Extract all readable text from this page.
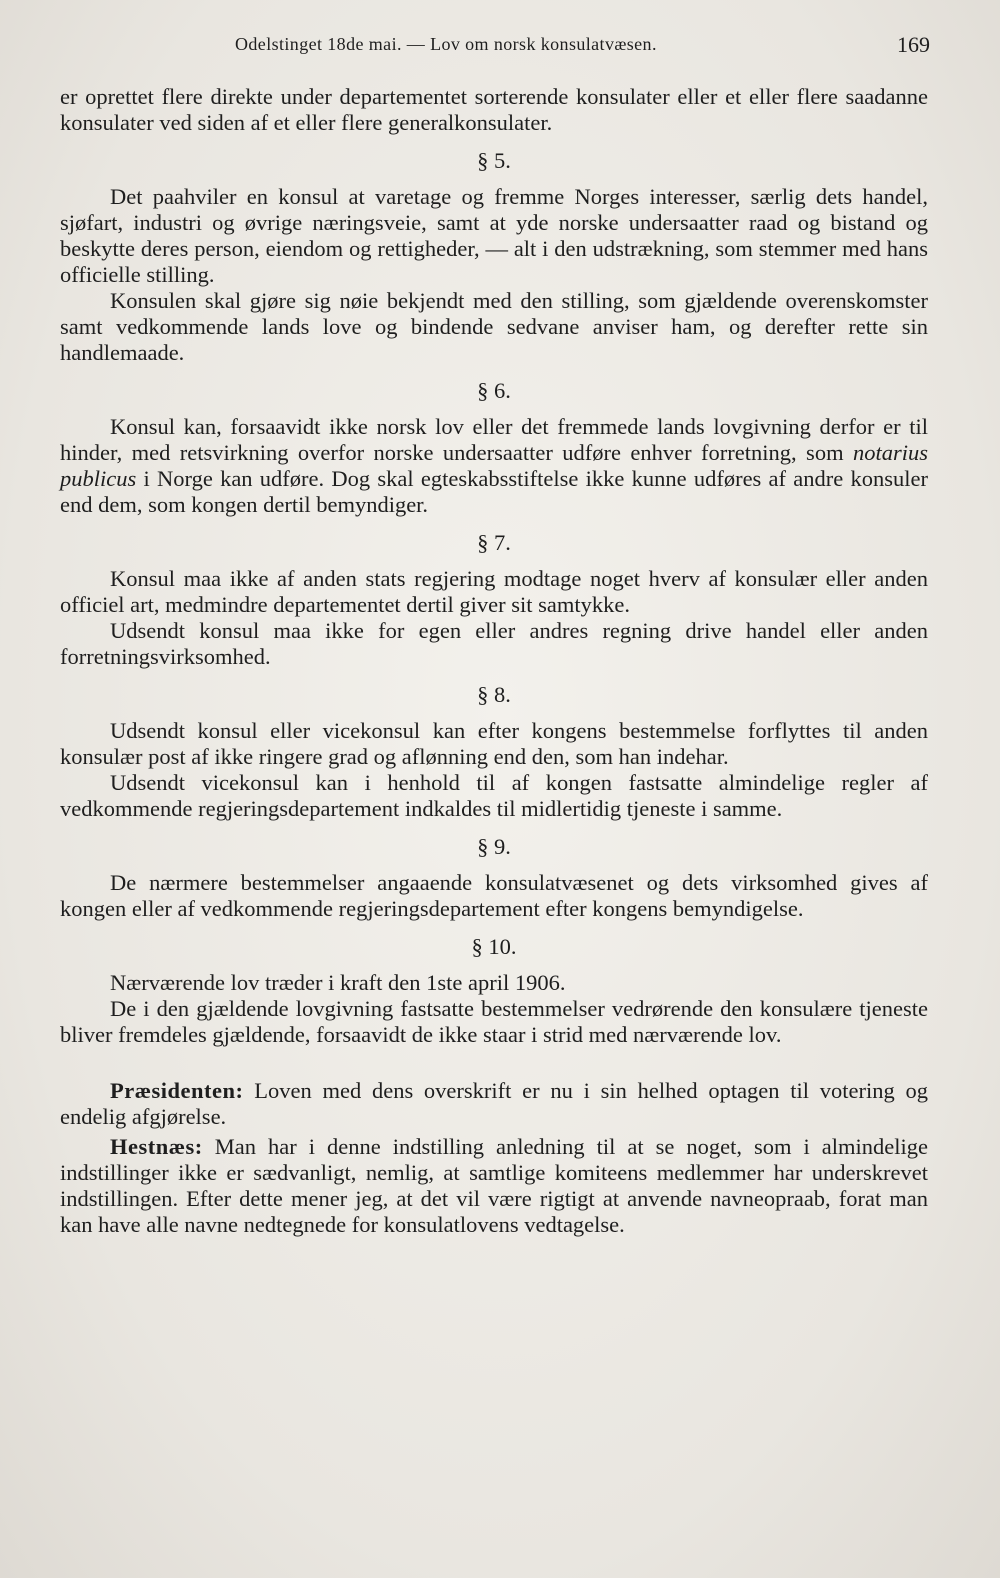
Odelstinget 18de mai. — Lov om norsk konsulatvæsen.	169

er oprettet flere direkte under departementet sorterende konsulater eller et eller flere saadanne konsulater ved siden af et eller flere generalkonsulater.

§ 5.

Det paahviler en konsul at varetage og fremme Norges interesser, særlig dets handel, sjøfart, industri og øvrige næringsveie, samt at yde norske undersaatter raad og bistand og beskytte deres person, eiendom og rettigheder, — alt i den udstrækning, som stemmer med hans officielle stilling.

Konsulen skal gjøre sig nøie bekjendt med den stilling, som gjældende overenskomster samt vedkommende lands love og bindende sedvane anviser ham, og derefter rette sin handlemaade.

§ 6.

Konsul kan, forsaavidt ikke norsk lov eller det fremmede lands lovgivning derfor er til hinder, med retsvirkning overfor norske undersaatter udføre enhver forretning, som notarius publicus i Norge kan udføre. Dog skal egteskabsstiftelse ikke kunne udføres af andre konsuler end dem, som kongen dertil bemyndiger.

§ 7.

Konsul maa ikke af anden stats regjering modtage noget hverv af konsulær eller anden officiel art, medmindre departementet dertil giver sit samtykke.

Udsendt konsul maa ikke for egen eller andres regning drive handel eller anden forretningsvirksomhed.

§ 8.

Udsendt konsul eller vicekonsul kan efter kongens bestemmelse forflyttes til anden konsulær post af ikke ringere grad og aflønning end den, som han indehar.

Udsendt vicekonsul kan i henhold til af kongen fastsatte almindelige regler af vedkommende regjeringsdepartement indkaldes til midlertidig tjeneste i samme.

§ 9.

De nærmere bestemmelser angaaende konsulatvæsenet og dets virksomhed gives af kongen eller af vedkommende regjeringsdepartement efter kongens bemyndigelse.

§ 10.

Nærværende lov træder i kraft den 1ste april 1906.

De i den gjældende lovgivning fastsatte bestemmelser vedrørende den konsulære tjeneste bliver fremdeles gjældende, forsaavidt de ikke staar i strid med nærværende lov.

Præsidenten: Loven med dens overskrift er nu i sin helhed optagen til votering og endelig afgjørelse.

Hestnæs: Man har i denne indstilling anledning til at se noget, som i almindelige indstillinger ikke er sædvanligt, nemlig, at samtlige komiteens medlemmer har underskrevet indstillingen. Efter dette mener jeg, at det vil være rigtigt at anvende navneopraab, forat man kan have alle navne nedtegnede for konsulatlovens vedtagelse.
